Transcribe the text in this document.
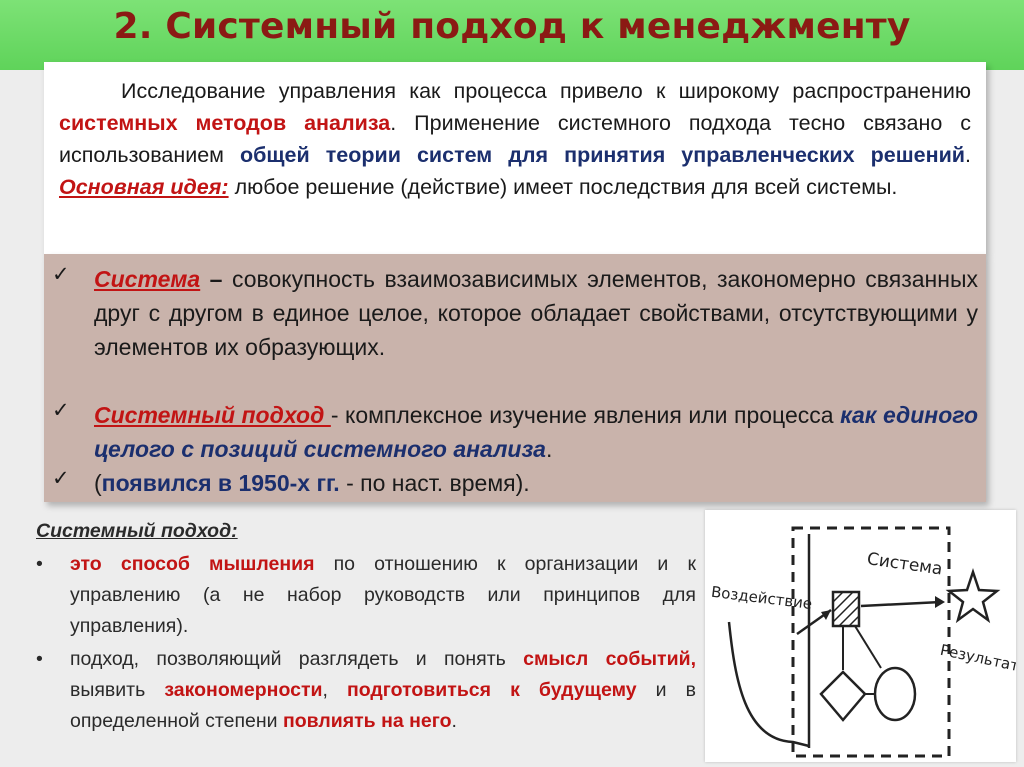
2. Системный подход к менеджменту

Исследование управления как процесса привело к широкому распространению системных методов анализа. Применение системного подхода тесно связано с использованием общей теории систем для принятия управленческих решений. Основная идея: любое решение (действие) имеет последствия для всей системы.

✓ Система – совокупность взаимозависимых элементов, закономерно связанных друг с другом в единое целое, которое обладает свойствами, отсутствующими у элементов их образующих.
✓ Системный подход - комплексное изучение явления или процесса как единого целого с позиций системного анализа.
✓ (появился в 1950-х гг. - по наст. время).
Системный подход:
• это способ мышления по отношению к организации и к управлению (а не набор руководств или принципов для управления).
• подход, позволяющий разглядеть и понять смысл событий, выявить закономерности, подготовиться к будущему и в определенной степени повлиять на него.
Система
Воздействие
Результат
